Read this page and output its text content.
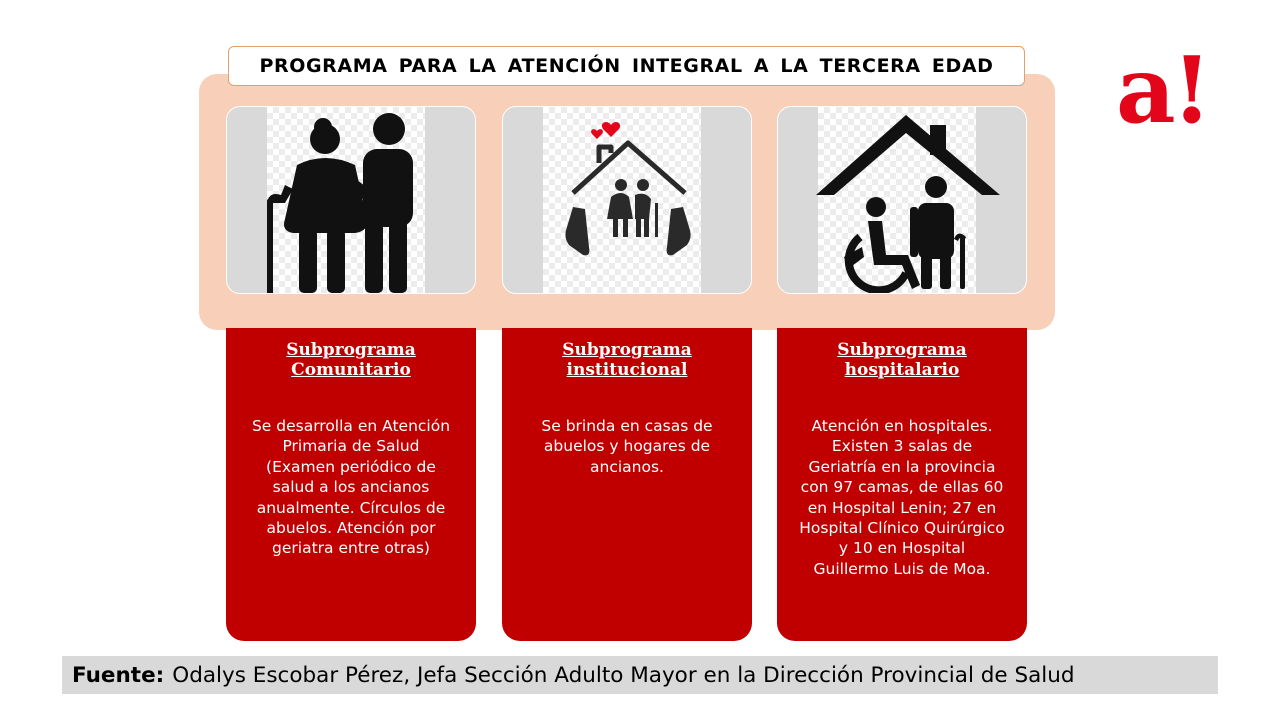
PROGRAMA PARA LA ATENCIÓN INTEGRAL A LA TERCERA EDAD	a!
Subprograma Comunitario
Se desarrolla en Atención Primaria de Salud (Examen periódico de salud a los ancianos anualmente. Círculos de abuelos. Atención por geriatra entre otras)
Subprograma institucional
Se brinda en casas de abuelos y hogares de ancianos.
Subprograma hospitalario
Atención en hospitales. Existen 3 salas de Geriatría en la provincia con 97 camas, de ellas 60 en Hospital Lenin; 27 en Hospital Clínico Quirúrgico y 10 en Hospital Guillermo Luis de Moa.
Fuente: Odalys Escobar Pérez, Jefa Sección Adulto Mayor en la Dirección Provincial de Salud
